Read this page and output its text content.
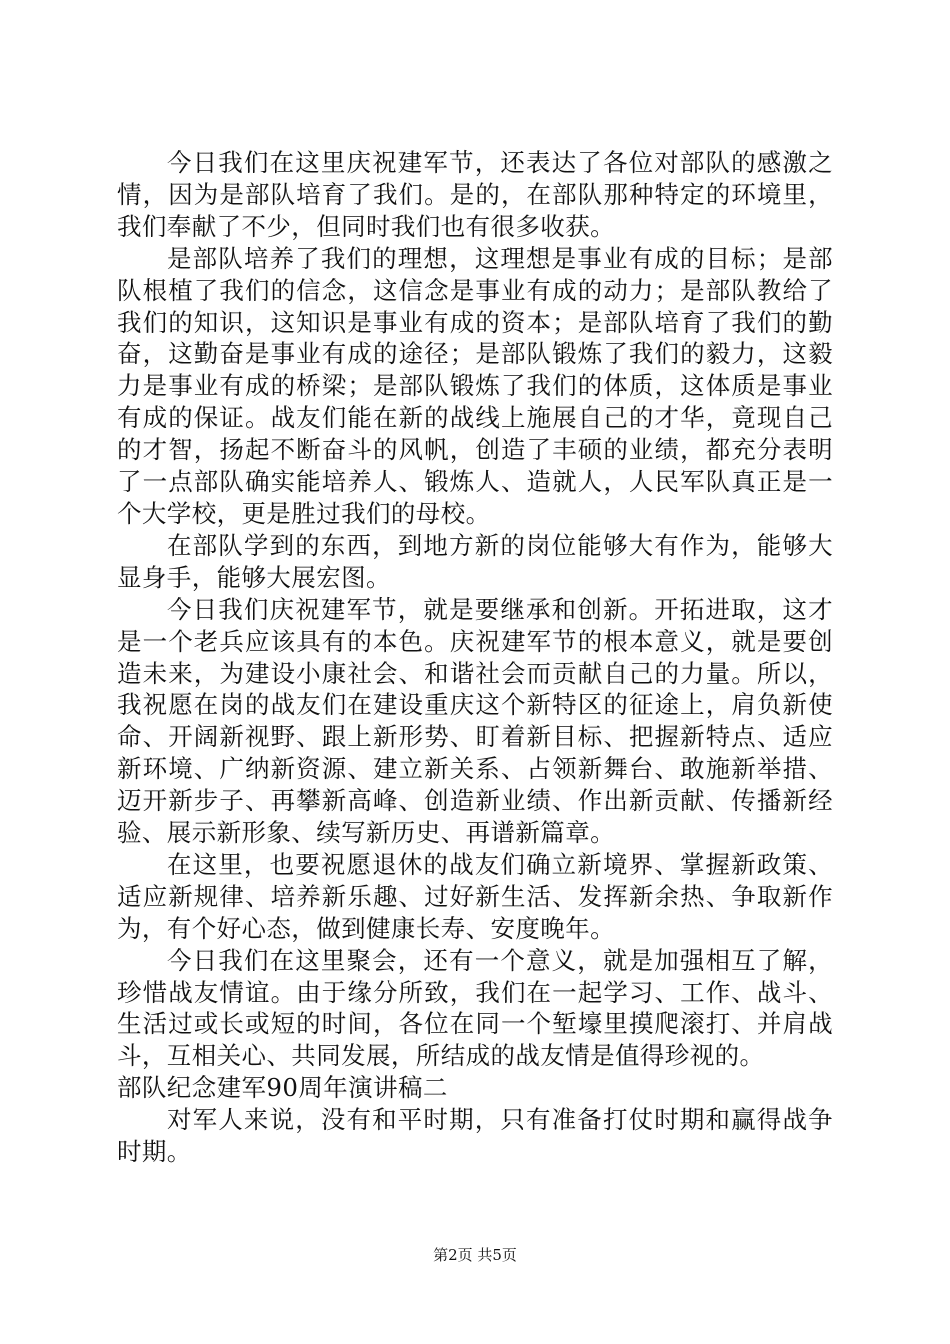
今日我们在这里庆祝建军节，还表达了各位对部队的感激之情，因为是部队培育了我们。是的，在部队那种特定的环境里，我们奉献了不少，但同时我们也有很多收获。

是部队培养了我们的理想，这理想是事业有成的目标；是部队根植了我们的信念，这信念是事业有成的动力；是部队教给了我们的知识，这知识是事业有成的资本；是部队培育了我们的勤奋，这勤奋是事业有成的途径；是部队锻炼了我们的毅力，这毅力是事业有成的桥梁；是部队锻炼了我们的体质，这体质是事业有成的保证。战友们能在新的战线上施展自己的才华，竟现自己的才智，扬起不断奋斗的风帆，创造了丰硕的业绩，都充分表明了一点部队确实能培养人、锻炼人、造就人，人民军队真正是一个大学校，更是胜过我们的母校。

在部队学到的东西，到地方新的岗位能够大有作为，能够大显身手，能够大展宏图。

今日我们庆祝建军节，就是要继承和创新。开拓进取，这才是一个老兵应该具有的本色。庆祝建军节的根本意义，就是要创造未来，为建设小康社会、和谐社会而贡献自己的力量。所以，我祝愿在岗的战友们在建设重庆这个新特区的征途上，肩负新使命、开阔新视野、跟上新形势、盯着新目标、把握新特点、适应新环境、广纳新资源、建立新关系、占领新舞台、敢施新举措、迈开新步子、再攀新高峰、创造新业绩、作出新贡献、传播新经验、展示新形象、续写新历史、再谱新篇章。

在这里，也要祝愿退休的战友们确立新境界、掌握新政策、适应新规律、培养新乐趣、过好新生活、发挥新余热、争取新作为，有个好心态，做到健康长寿、安度晚年。

今日我们在这里聚会，还有一个意义，就是加强相互了解，珍惜战友情谊。由于缘分所致，我们在一起学习、工作、战斗、生活过或长或短的时间，各位在同一个堑壕里摸爬滚打、并肩战斗，互相关心、共同发展，所结成的战友情是值得珍视的。

部队纪念建军90周年演讲稿二

对军人来说，没有和平时期，只有准备打仗时期和赢得战争时期。

第2页 共5页
